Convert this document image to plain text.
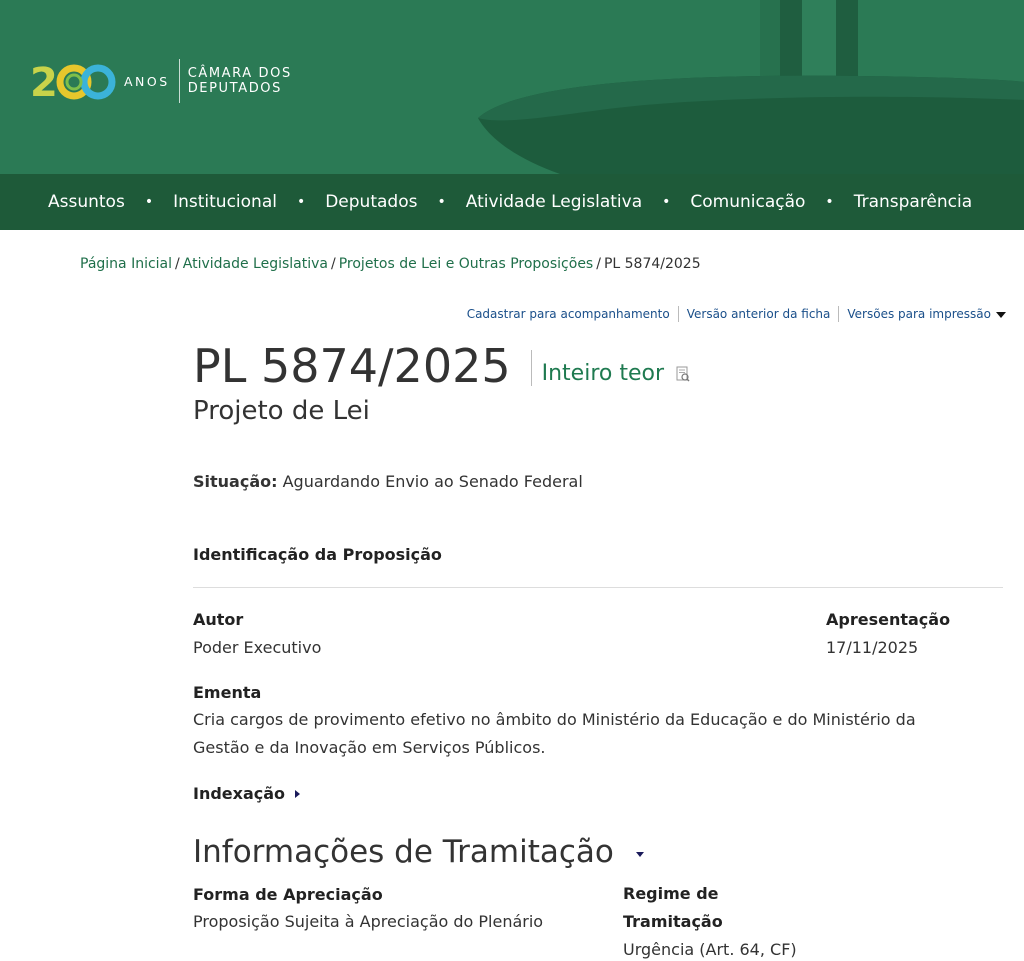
2	ANOS CÂMARA DOS
DEPUTADOS
Assuntos • Institucional • Deputados • Atividade Legislativa • Comunicação • Transparência
Página Inicial / Atividade Legislativa / Projetos de Lei e Outras Proposições / PL 5874/2025
Cadastrar para acompanhamento Versão anterior da ficha Versões para impressão
PL 5874/2025 Inteiro teor
Projeto de Lei
Situação: Aguardando Envio ao Senado Federal
Identificação da Proposição
Autor
Poder Executivo
Apresentação
17/11/2025
Ementa
Cria cargos de provimento efetivo no âmbito do Ministério da Educação e do Ministério da
Gestão e da Inovação em Serviços Públicos.
Indexação
Informações de Tramitação
Forma de Apreciação
Proposição Sujeita à Apreciação do Plenário
Regime de
Tramitação
Urgência (Art. 64, CF)
